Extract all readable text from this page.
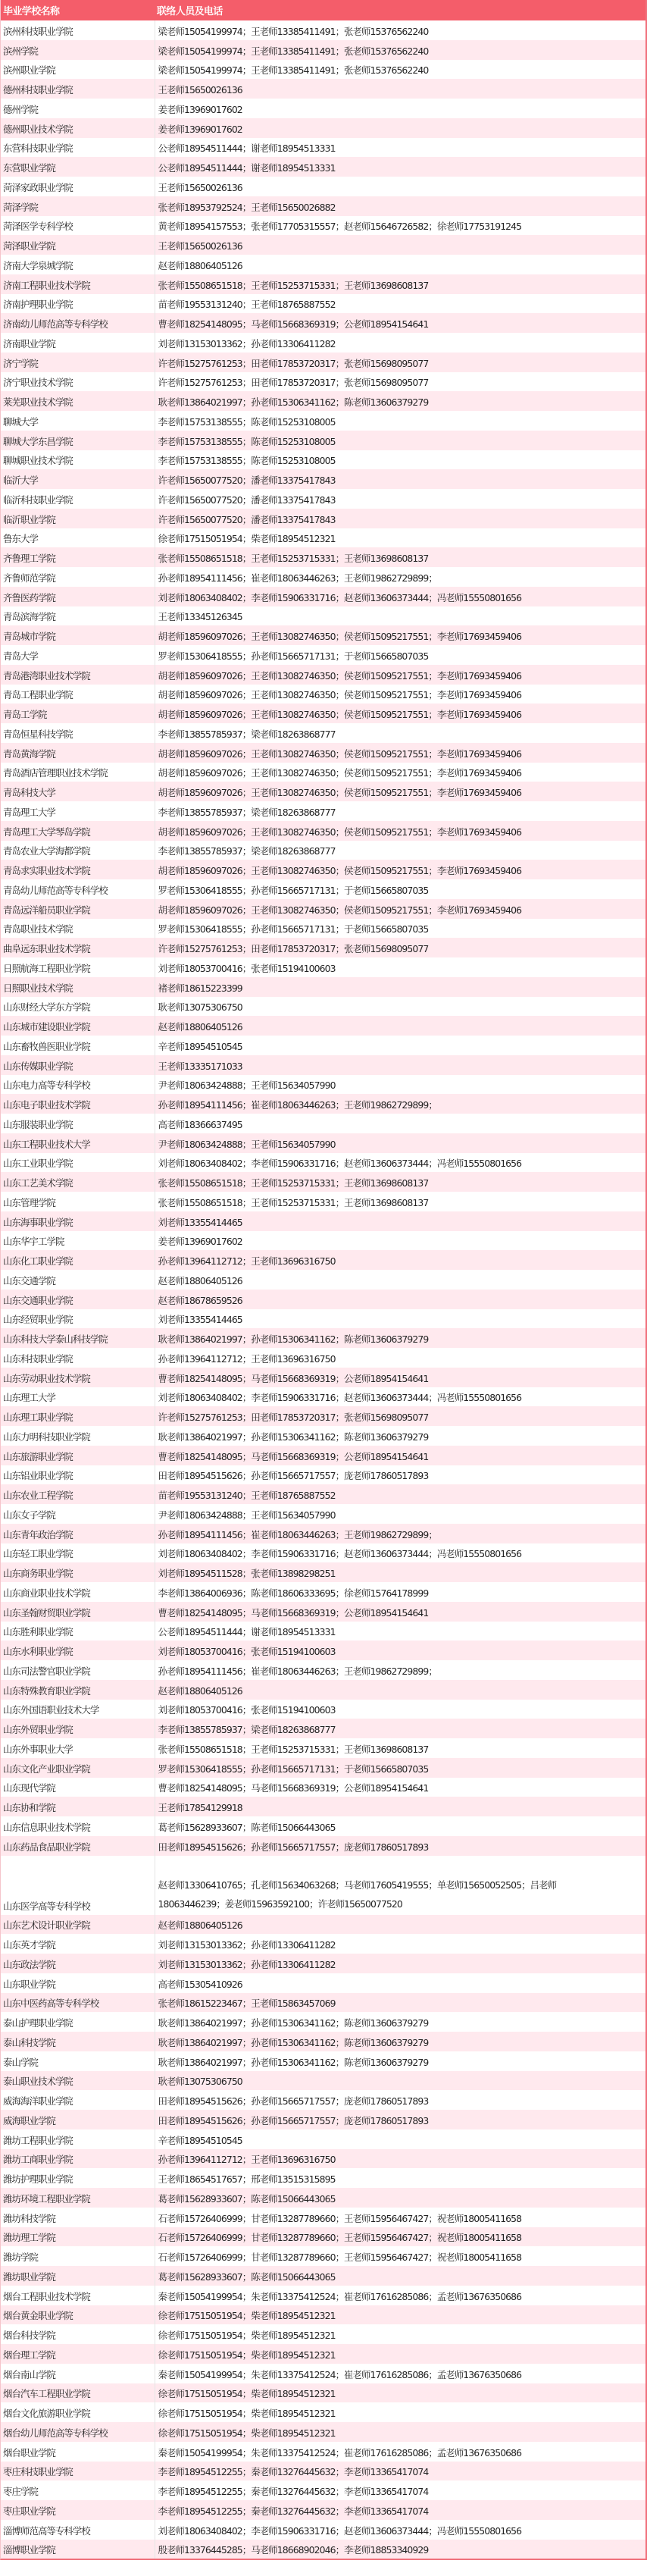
毕业学校名称	联络人员及电话
滨州科技职业学院	梁老师15054199974；王老师13385411491；张老师15376562240
滨州学院	梁老师15054199974；王老师13385411491；张老师15376562240
滨州职业学院	梁老师15054199974；王老师13385411491；张老师15376562240
德州科技职业学院	王老师15650026136
德州学院	姜老师13969017602
德州职业技术学院	姜老师13969017602
东营科技职业学院	公老师18954511444；谢老师18954513331
东营职业学院	公老师18954511444；谢老师18954513331
菏泽家政职业学院	王老师15650026136
菏泽学院	张老师18953792524；王老师15650026882
菏泽医学专科学校	黄老师18954157553；张老师17705315557；赵老师15646726582；徐老师17753191245
菏泽职业学院	王老师15650026136
济南大学泉城学院	赵老师18806405126
济南工程职业技术学院	张老师15508651518；王老师15253715331；王老师13698608137
济南护理职业学院	苗老师19553131240；王老师18765887552
济南幼儿师范高等专科学校	曹老师18254148095；马老师15668369319；公老师18954154641
济南职业学院	刘老师13153013362；孙老师13306411282
济宁学院	许老师15275761253；田老师17853720317；张老师15698095077
济宁职业技术学院	许老师15275761253；田老师17853720317；张老师15698095077
莱芜职业技术学院	耿老师13864021997；孙老师15306341162；陈老师13606379279
聊城大学	李老师15753138555；陈老师15253108005
聊城大学东昌学院	李老师15753138555；陈老师15253108005
聊城职业技术学院	李老师15753138555；陈老师15253108005
临沂大学	许老师15650077520；潘老师13375417843
临沂科技职业学院	许老师15650077520；潘老师13375417843
临沂职业学院	许老师15650077520；潘老师13375417843
鲁东大学	徐老师17515051954；柴老师18954512321
齐鲁理工学院	张老师15508651518；王老师15253715331；王老师13698608137
齐鲁师范学院	孙老师18954111456；崔老师18063446263；王老师19862729899；
齐鲁医药学院	刘老师18063408402；李老师15906331716；赵老师13606373444；冯老师15550801656
青岛滨海学院	王老师13345126345
青岛城市学院	胡老师18596097026；王老师13082746350；侯老师15095217551；李老师17693459406
青岛大学	罗老师15306418555；孙老师15665717131；于老师15665807035
青岛港湾职业技术学院	胡老师18596097026；王老师13082746350；侯老师15095217551；李老师17693459406
青岛工程职业学院	胡老师18596097026；王老师13082746350；侯老师15095217551；李老师17693459406
青岛工学院	胡老师18596097026；王老师13082746350；侯老师15095217551；李老师17693459406
青岛恒星科技学院	李老师13855785937；梁老师18263868777
青岛黄海学院	胡老师18596097026；王老师13082746350；侯老师15095217551；李老师17693459406
青岛酒店管理职业技术学院	胡老师18596097026；王老师13082746350；侯老师15095217551；李老师17693459406
青岛科技大学	胡老师18596097026；王老师13082746350；侯老师15095217551；李老师17693459406
青岛理工大学	李老师13855785937；梁老师18263868777
青岛理工大学琴岛学院	胡老师18596097026；王老师13082746350；侯老师15095217551；李老师17693459406
青岛农业大学海都学院	李老师13855785937；梁老师18263868777
青岛求实职业技术学院	胡老师18596097026；王老师13082746350；侯老师15095217551；李老师17693459406
青岛幼儿师范高等专科学校	罗老师15306418555；孙老师15665717131；于老师15665807035
青岛远洋船员职业学院	胡老师18596097026；王老师13082746350；侯老师15095217551；李老师17693459406
青岛职业技术学院	罗老师15306418555；孙老师15665717131；于老师15665807035
曲阜远东职业技术学院	许老师15275761253；田老师17853720317；张老师15698095077
日照航海工程职业学院	刘老师18053700416；张老师15194100603
日照职业技术学院	褚老师18615223399
山东财经大学东方学院	耿老师13075306750
山东城市建设职业学院	赵老师18806405126
山东畜牧兽医职业学院	辛老师18954510545
山东传媒职业学院	王老师13335171033
山东电力高等专科学校	尹老师18063424888；王老师15634057990
山东电子职业技术学院	孙老师18954111456；崔老师18063446263；王老师19862729899；
山东服装职业学院	高老师18366637495
山东工程职业技术大学	尹老师18063424888；王老师15634057990
山东工业职业学院	刘老师18063408402；李老师15906331716；赵老师13606373444；冯老师15550801656
山东工艺美术学院	张老师15508651518；王老师15253715331；王老师13698608137
山东管理学院	张老师15508651518；王老师15253715331；王老师13698608137
山东海事职业学院	刘老师13355414465
山东华宇工学院	姜老师13969017602
山东化工职业学院	孙老师13964112712；王老师13696316750
山东交通学院	赵老师18806405126
山东交通职业学院	赵老师18678659526
山东经贸职业学院	刘老师13355414465
山东科技大学泰山科技学院	耿老师13864021997；孙老师15306341162；陈老师13606379279
山东科技职业学院	孙老师13964112712；王老师13696316750
山东劳动职业技术学院	曹老师18254148095；马老师15668369319；公老师18954154641
山东理工大学	刘老师18063408402；李老师15906331716；赵老师13606373444；冯老师15550801656
山东理工职业学院	许老师15275761253；田老师17853720317；张老师15698095077
山东力明科技职业学院	耿老师13864021997；孙老师15306341162；陈老师13606379279
山东旅游职业学院	曹老师18254148095；马老师15668369319；公老师18954154641
山东铝业职业学院	田老师18954515626；孙老师15665717557；庞老师17860517893
山东农业工程学院	苗老师19553131240；王老师18765887552
山东女子学院	尹老师18063424888；王老师15634057990
山东青年政治学院	孙老师18954111456；崔老师18063446263；王老师19862729899；
山东轻工职业学院	刘老师18063408402；李老师15906331716；赵老师13606373444；冯老师15550801656
山东商务职业学院	刘老师18954511528；张老师13898298251
山东商业职业技术学院	李老师13864006936；陈老师18606333695；徐老师15764178999
山东圣翰财贸职业学院	曹老师18254148095；马老师15668369319；公老师18954154641
山东胜利职业学院	公老师18954511444；谢老师18954513331
山东水利职业学院	刘老师18053700416；张老师15194100603
山东司法警官职业学院	孙老师18954111456；崔老师18063446263；王老师19862729899；
山东特殊教育职业学院	赵老师18806405126
山东外国语职业技术大学	刘老师18053700416；张老师15194100603
山东外贸职业学院	李老师13855785937；梁老师18263868777
山东外事职业大学	张老师15508651518；王老师15253715331；王老师13698608137
山东文化产业职业学院	罗老师15306418555；孙老师15665717131；于老师15665807035
山东现代学院	曹老师18254148095；马老师15668369319；公老师18954154641
山东协和学院	王老师17854129918
山东信息职业技术学院	葛老师15628933607；陈老师15066443065
山东药品食品职业学院	田老师18954515626；孙老师15665717557；庞老师17860517893
山东医学高等专科学校	赵老师13306410765；孔老师15634063268；马老师17605419555；单老师15650052505；吕老师18063446239；姜老师15963592100；许老师15650077520
山东艺术设计职业学院	赵老师18806405126
山东英才学院	刘老师13153013362；孙老师13306411282
山东政法学院	刘老师13153013362；孙老师13306411282
山东职业学院	高老师15305410926
山东中医药高等专科学校	张老师18615223467；王老师15863457069
泰山护理职业学院	耿老师13864021997；孙老师15306341162；陈老师13606379279
泰山科技学院	耿老师13864021997；孙老师15306341162；陈老师13606379279
泰山学院	耿老师13864021997；孙老师15306341162；陈老师13606379279
泰山职业技术学院	耿老师13075306750
威海海洋职业学院	田老师18954515626；孙老师15665717557；庞老师17860517893
威海职业学院	田老师18954515626；孙老师15665717557；庞老师17860517893
潍坊工程职业学院	辛老师18954510545
潍坊工商职业学院	孙老师13964112712；王老师13696316750
潍坊护理职业学院	王老师18654517657；邢老师13515315895
潍坊环境工程职业学院	葛老师15628933607；陈老师15066443065
潍坊科技学院	石老师15726406999；甘老师13287789660；王老师15956467427；祝老师18005411658
潍坊理工学院	石老师15726406999；甘老师13287789660；王老师15956467427；祝老师18005411658
潍坊学院	石老师15726406999；甘老师13287789660；王老师15956467427；祝老师18005411658
潍坊职业学院	葛老师15628933607；陈老师15066443065
烟台工程职业技术学院	秦老师15054199954；朱老师13375412524；崔老师17616285086；孟老师13676350686
烟台黄金职业学院	徐老师17515051954；柴老师18954512321
烟台科技学院	徐老师17515051954；柴老师18954512321
烟台理工学院	徐老师17515051954；柴老师18954512321
烟台南山学院	秦老师15054199954；朱老师13375412524；崔老师17616285086；孟老师13676350686
烟台汽车工程职业学院	徐老师17515051954；柴老师18954512321
烟台文化旅游职业学院	徐老师17515051954；柴老师18954512321
烟台幼儿师范高等专科学校	徐老师17515051954；柴老师18954512321
烟台职业学院	秦老师15054199954；朱老师13375412524；崔老师17616285086；孟老师13676350686
枣庄科技职业学院	李老师18954512255；秦老师13276445632；李老师13365417074
枣庄学院	李老师18954512255；秦老师13276445632；李老师13365417074
枣庄职业学院	李老师18954512255；秦老师13276445632；李老师13365417074
淄博师范高等专科学校	刘老师18063408402；李老师15906331716；赵老师13606373444；冯老师15550801656
淄博职业学院	殷老师13376445285；马老师18668902046；李老师18853340929
